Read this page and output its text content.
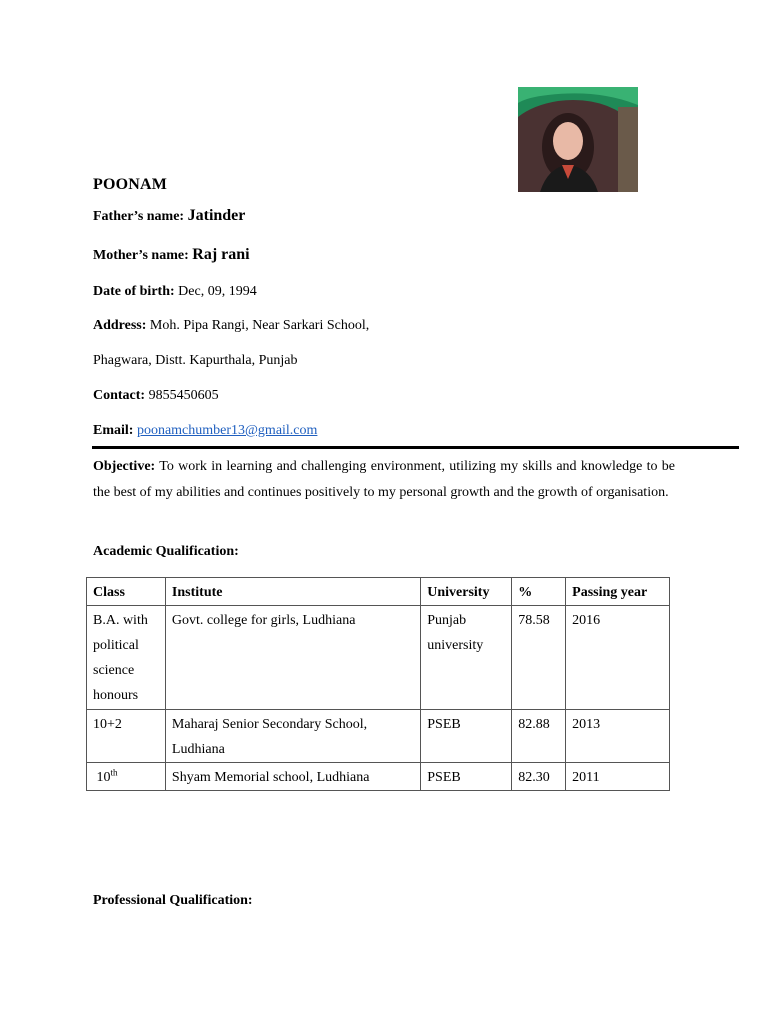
POONAM
Father’s name: Jatinder
Mother’s name: Raj rani
Date of birth: Dec, 09, 1994
Address: Moh. Pipa Rangi, Near Sarkari School,
Phagwara, Distt. Kapurthala, Punjab
Contact: 9855450605
Email: poonamchumber13@gmail.com
Objective: To work in learning and challenging environment, utilizing my skills and knowledge to be the best of my abilities and continues positively to my personal growth and the growth of organisation.
Academic Qualification:
Class	Institute	University	%	Passing year
B.A. with political science honours	Govt. college for girls, Ludhiana	Punjab university	78.58	2016
10+2	Maharaj Senior Secondary School, Ludhiana	PSEB	82.88	2013
10th	Shyam Memorial school, Ludhiana	PSEB	82.30	2011
Professional Qualification:
